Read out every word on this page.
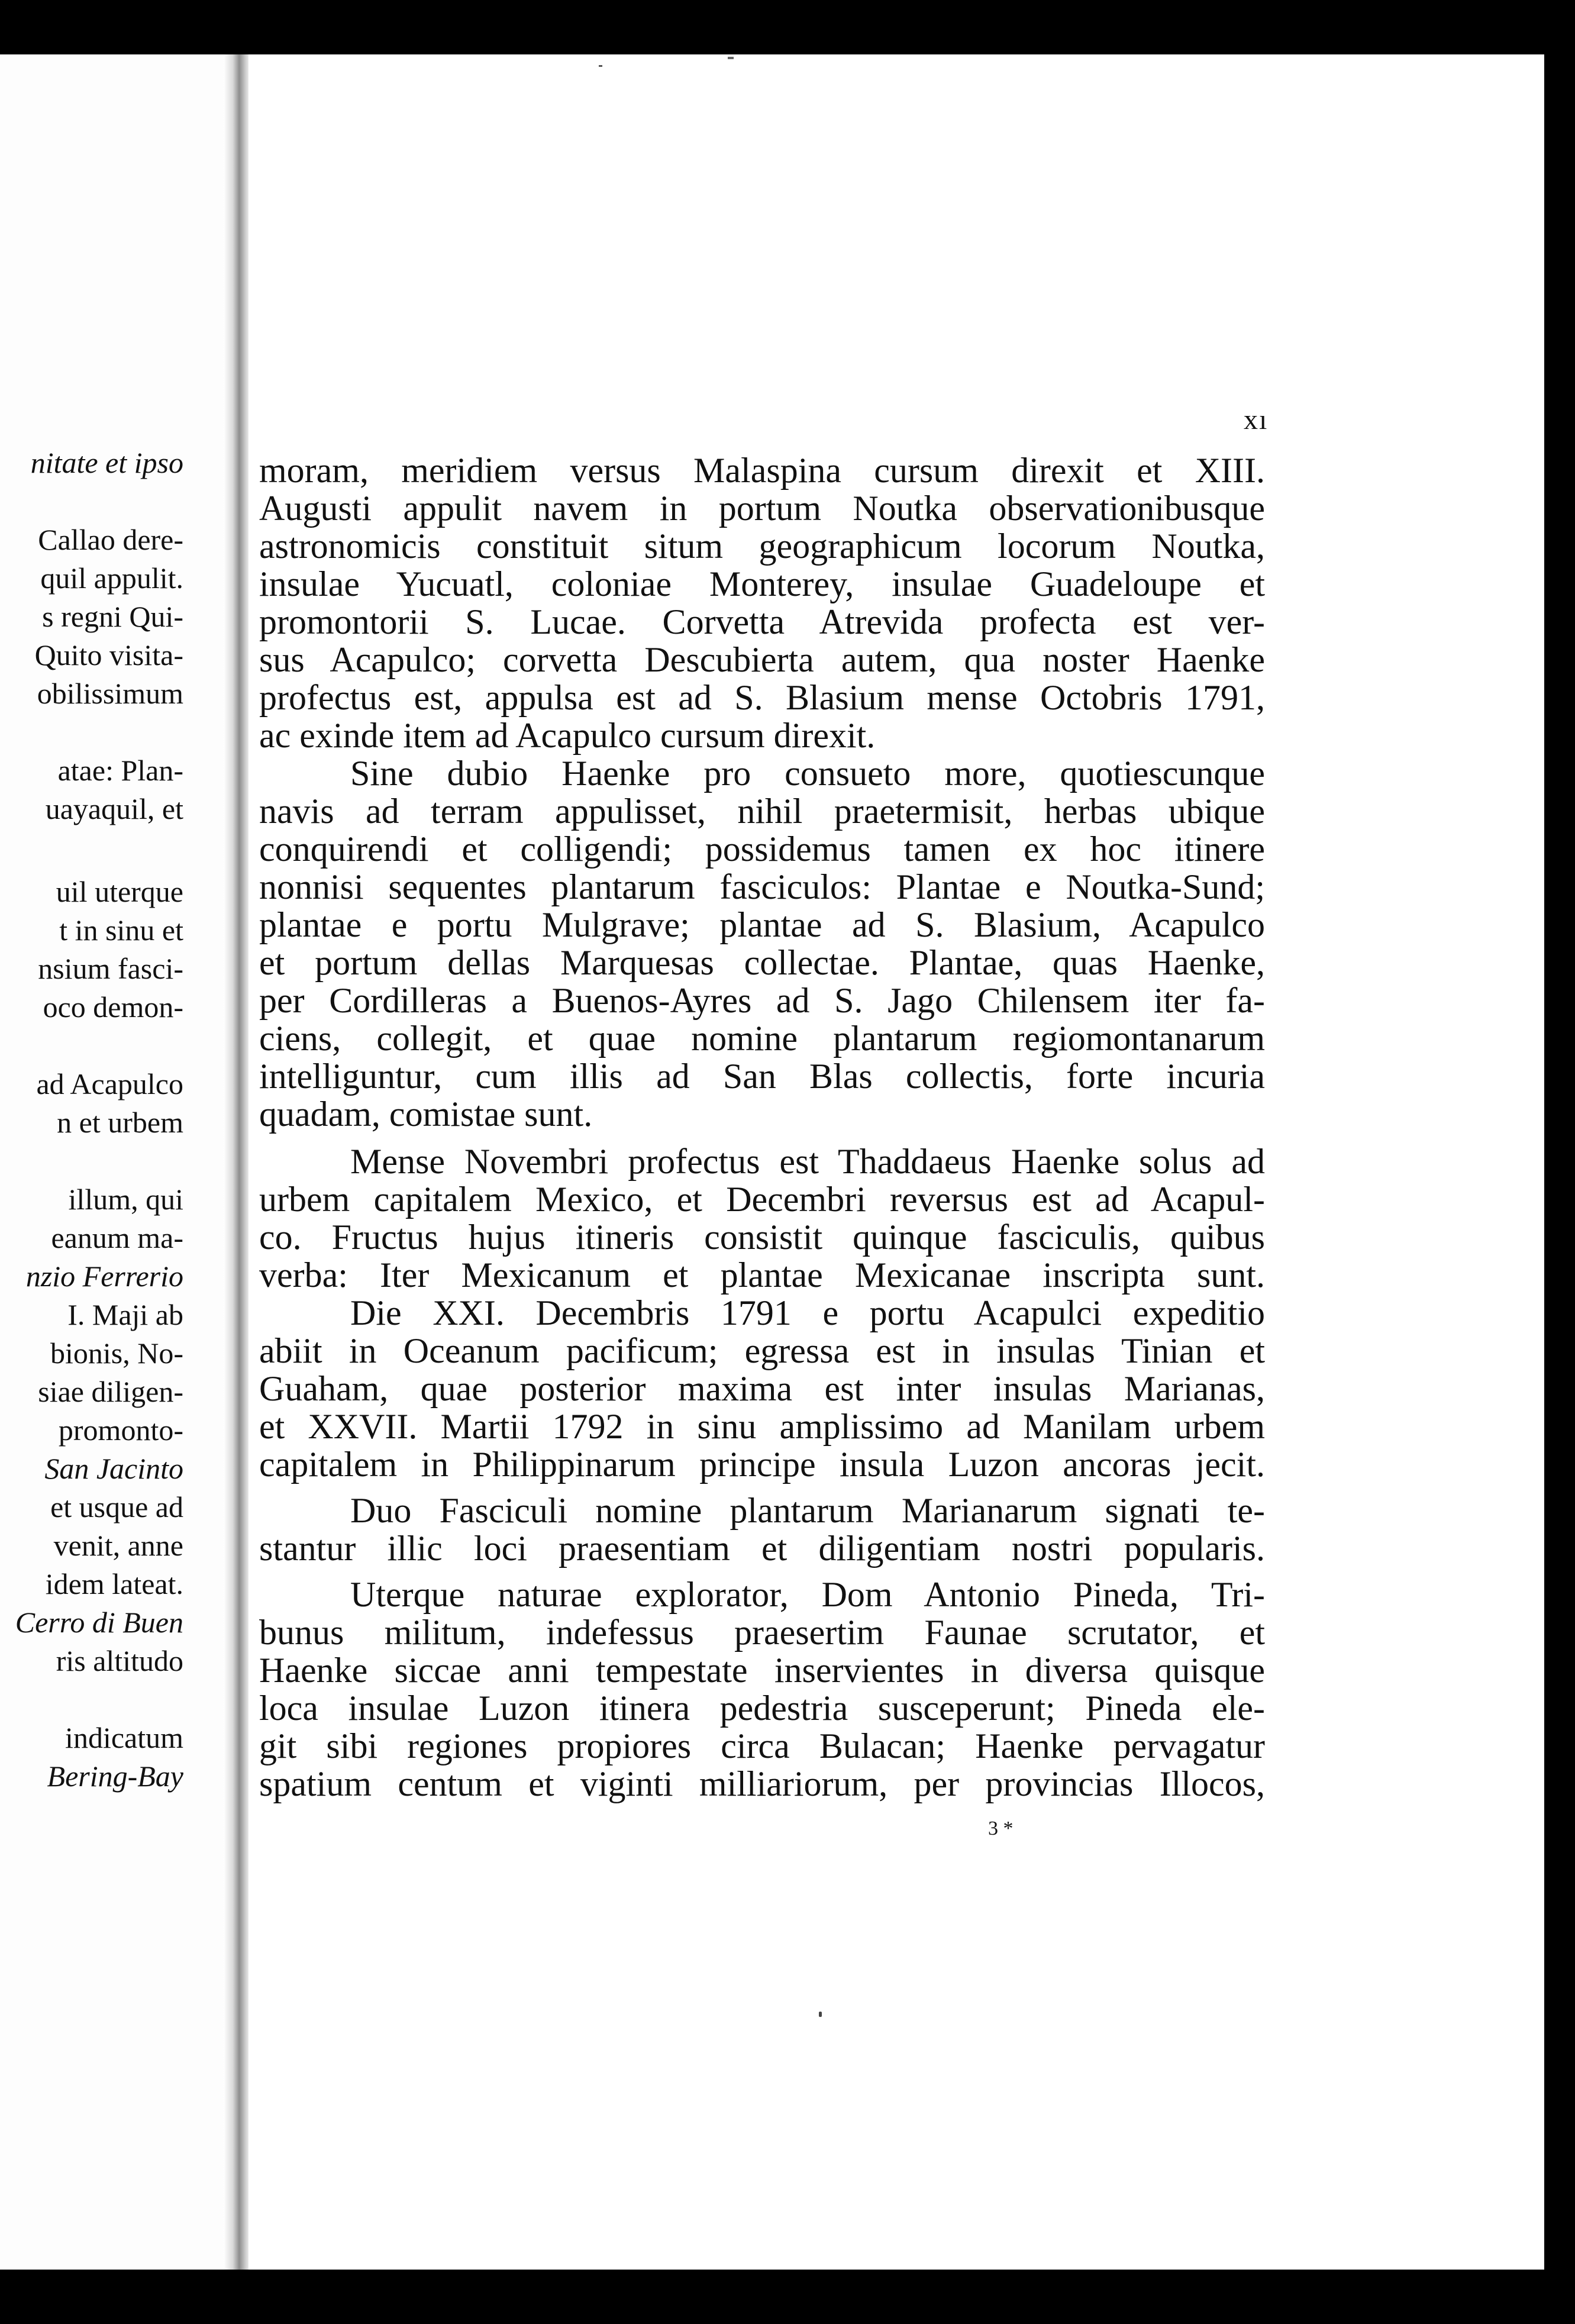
nitate et ipso
Callao dere-
quil appulit.
s regni Qui-
Quito visita-
obilissimum
atae: Plan-
uayaquil, et
uil uterque
t in sinu et
nsium fasci-
oco demon-
ad Acapulco
n et urbem
illum, qui
eanum ma-
nzio Ferrerio
I. Maji ab
bionis, No-
siae diligen-
promonto-
San Jacinto
et usque ad
venit, anne
idem lateat.
Cerro di Buen
ris altitudo
indicatum
Bering-Bay
xı
moram, meridiem versus Malaspina cursum direxit et XIII.
Augusti appulit navem in portum Noutka observationibusque
astronomicis constituit situm geographicum locorum Noutka,
insulae Yucuatl, coloniae Monterey, insulae Guadeloupe et
promontorii S. Lucae. Corvetta Atrevida profecta est ver-
sus Acapulco; corvetta Descubierta autem, qua noster Haenke
profectus est, appulsa est ad S. Blasium mense Octobris 1791,
ac exinde item ad Acapulco cursum direxit.
Sine dubio Haenke pro consueto more, quotiescunque
navis ad terram appulisset, nihil praetermisit, herbas ubique
conquirendi et colligendi; possidemus tamen ex hoc itinere
nonnisi sequentes plantarum fasciculos: Plantae e Noutka-Sund;
plantae e portu Mulgrave; plantae ad S. Blasium, Acapulco
et portum dellas Marquesas collectae. Plantae, quas Haenke,
per Cordilleras a Buenos-Ayres ad S. Jago Chilensem iter fa-
ciens, collegit, et quae nomine plantarum regiomontanarum
intelliguntur, cum illis ad San Blas collectis, forte incuria
quadam, comistae sunt.
Mense Novembri profectus est Thaddaeus Haenke solus ad
urbem capitalem Mexico, et Decembri reversus est ad Acapul-
co. Fructus hujus itineris consistit quinque fasciculis, quibus
verba: Iter Mexicanum et plantae Mexicanae inscripta sunt.
Die XXI. Decembris 1791 e portu Acapulci expeditio
abiit in Oceanum pacificum; egressa est in insulas Tinian et
Guaham, quae posterior maxima est inter insulas Marianas,
et XXVII. Martii 1792 in sinu amplissimo ad Manilam urbem
capitalem in Philippinarum principe insula Luzon ancoras jecit.
Duo Fasciculi nomine plantarum Marianarum signati te-
stantur illic loci praesentiam et diligentiam nostri popularis.
Uterque naturae explorator, Dom Antonio Pineda, Tri-
bunus militum, indefessus praesertim Faunae scrutator, et
Haenke siccae anni tempestate inservientes in diversa quisque
loca insulae Luzon itinera pedestria susceperunt; Pineda ele-
git sibi regiones propiores circa Bulacan; Haenke pervagatur
spatium centum et viginti milliariorum, per provincias Illocos,
3 *
